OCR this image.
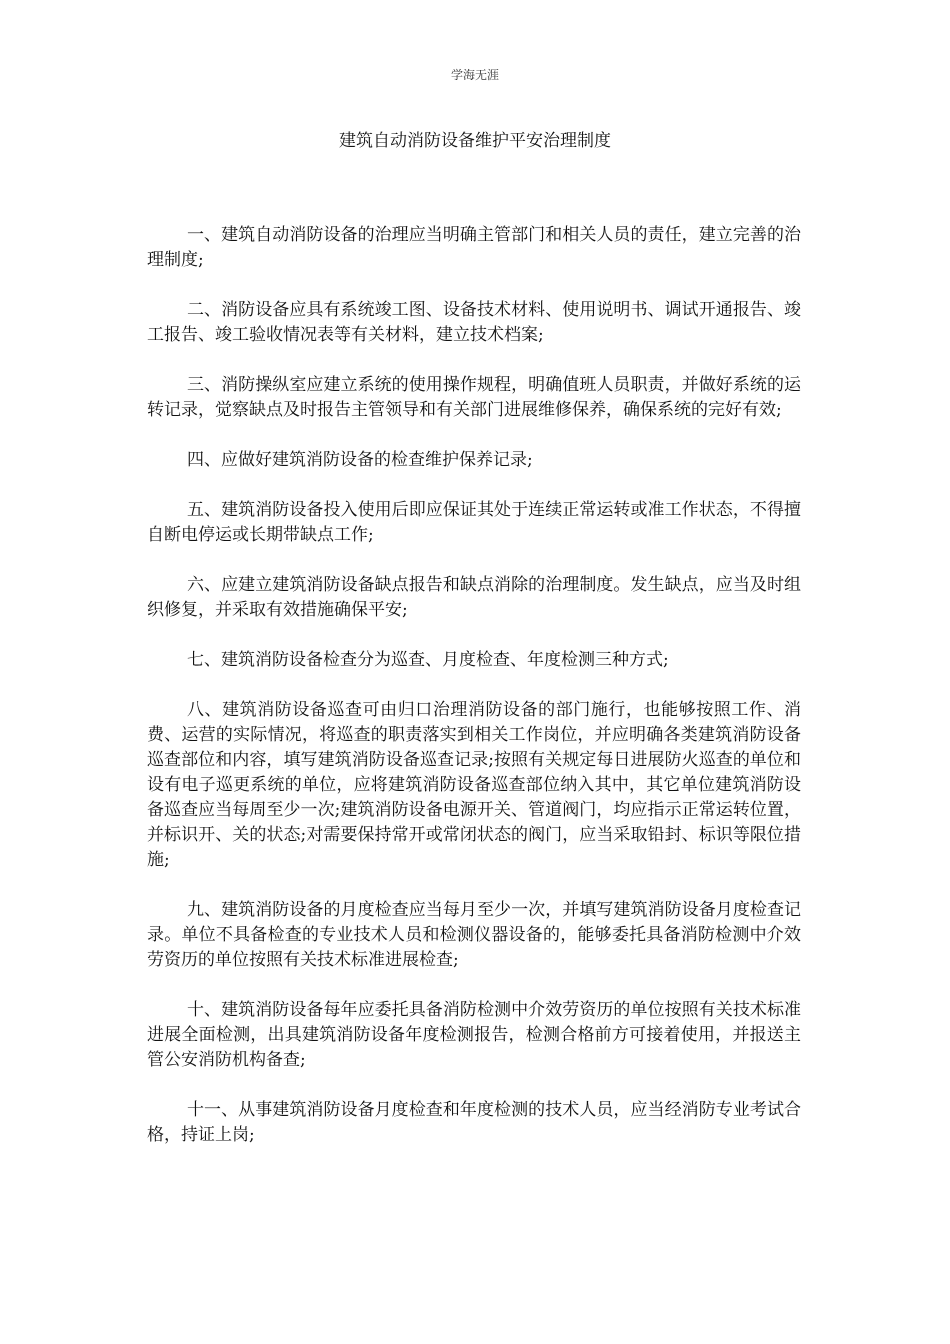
学海无涯
建筑自动消防设备维护平安治理制度

一、建筑自动消防设备的治理应当明确主管部门和相关人员的责任，建立完善的治理制度;

二、消防设备应具有系统竣工图、设备技术材料、使用说明书、调试开通报告、竣工报告、竣工验收情况表等有关材料，建立技术档案;

三、消防操纵室应建立系统的使用操作规程，明确值班人员职责，并做好系统的运转记录，觉察缺点及时报告主管领导和有关部门进展维修保养，确保系统的完好有效;

四、应做好建筑消防设备的检查维护保养记录;

五、建筑消防设备投入使用后即应保证其处于连续正常运转或准工作状态，不得擅自断电停运或长期带缺点工作;

六、应建立建筑消防设备缺点报告和缺点消除的治理制度。发生缺点，应当及时组织修复，并采取有效措施确保平安;

七、建筑消防设备检查分为巡查、月度检查、年度检测三种方式;

八、建筑消防设备巡查可由归口治理消防设备的部门施行，也能够按照工作、消费、运营的实际情况，将巡查的职责落实到相关工作岗位，并应明确各类建筑消防设备巡查部位和内容，填写建筑消防设备巡查记录;按照有关规定每日进展防火巡查的单位和设有电子巡更系统的单位，应将建筑消防设备巡查部位纳入其中，其它单位建筑消防设备巡查应当每周至少一次;建筑消防设备电源开关、管道阀门，均应指示正常运转位置，并标识开、关的状态;对需要保持常开或常闭状态的阀门，应当采取铅封、标识等限位措施;

九、建筑消防设备的月度检查应当每月至少一次，并填写建筑消防设备月度检查记录。单位不具备检查的专业技术人员和检测仪器设备的，能够委托具备消防检测中介效劳资历的单位按照有关技术标准进展检查;

十、建筑消防设备每年应委托具备消防检测中介效劳资历的单位按照有关技术标准进展全面检测，出具建筑消防设备年度检测报告，检测合格前方可接着使用，并报送主管公安消防机构备查;

十一、从事建筑消防设备月度检查和年度检测的技术人员，应当经消防专业考试合格，持证上岗;
